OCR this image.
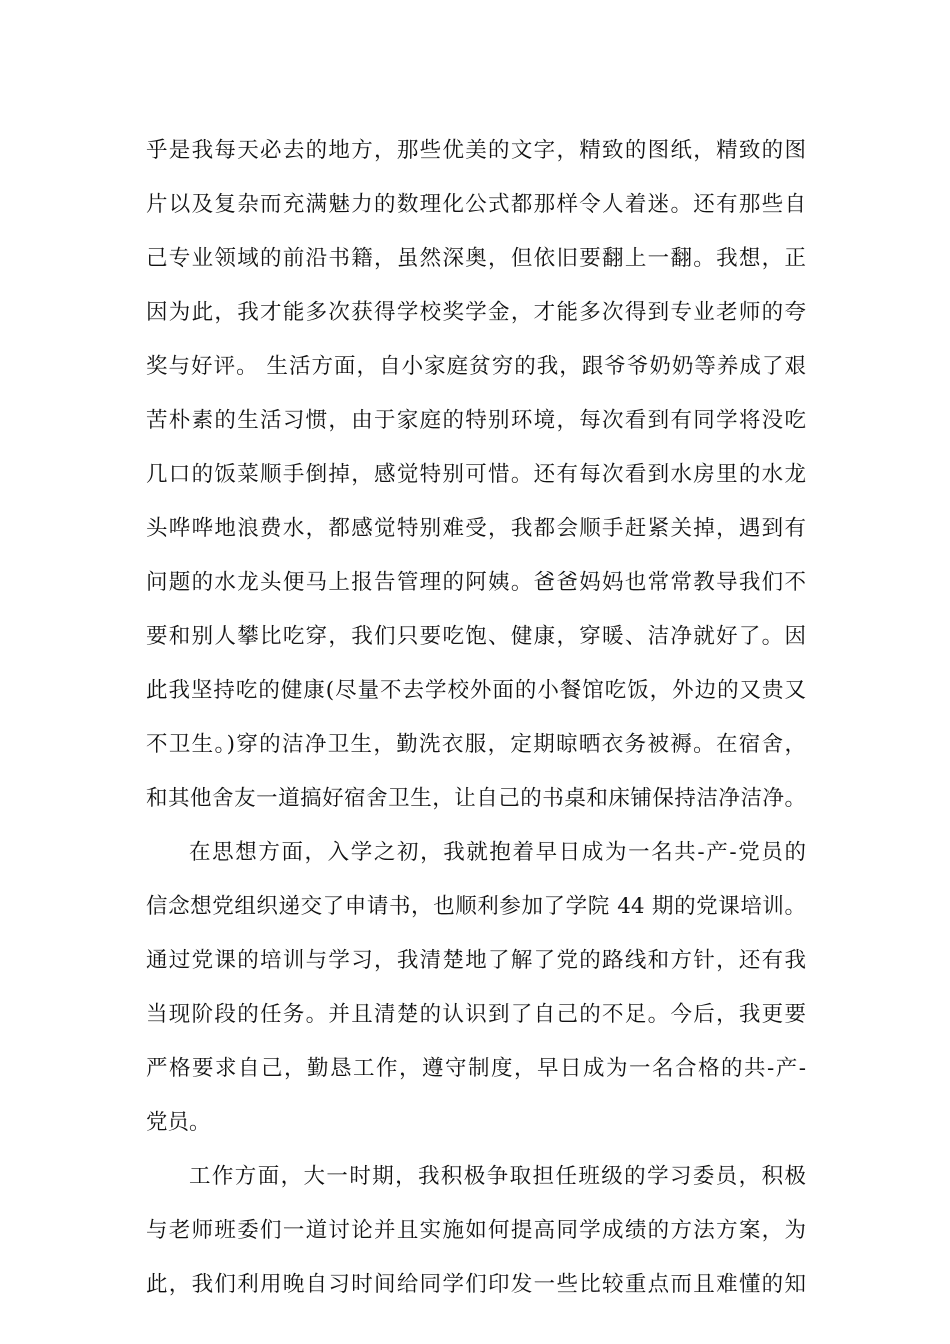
乎是我每天必去的地方，那些优美的文字，精致的图纸，精致的图
片以及复杂而充满魅力的数理化公式都那样令人着迷。还有那些自
己专业领域的前沿书籍，虽然深奥，但依旧要翻上一翻。我想，正
因为此，我才能多次获得学校奖学金，才能多次得到专业老师的夸
奖与好评。 生活方面，自小家庭贫穷的我，跟爷爷奶奶等养成了艰
苦朴素的生活习惯，由于家庭的特别环境，每次看到有同学将没吃
几口的饭菜顺手倒掉，感觉特别可惜。还有每次看到水房里的水龙
头哗哗地浪费水，都感觉特别难受，我都会顺手赶紧关掉，遇到有
问题的水龙头便马上报告管理的阿姨。爸爸妈妈也常常教导我们不
要和别人攀比吃穿，我们只要吃饱、健康，穿暖、洁净就好了。因
此我坚持吃的健康(尽量不去学校外面的小餐馆吃饭，外边的又贵又
不卫生。)穿的洁净卫生，勤洗衣服，定期晾晒衣务被褥。在宿舍，
和其他舍友一道搞好宿舍卫生，让自己的书桌和床铺保持洁净洁净。
在思想方面，入学之初，我就抱着早日成为一名共-产-党员的
信念想党组织递交了申请书，也顺利参加了学院 44 期的党课培训。
通过党课的培训与学习，我清楚地了解了党的路线和方针，还有我
当现阶段的任务。并且清楚的认识到了自己的不足。今后，我更要
严格要求自己，勤恳工作，遵守制度，早日成为一名合格的共-产-
党员。
工作方面，大一时期，我积极争取担任班级的学习委员，积极
与老师班委们一道讨论并且实施如何提高同学成绩的方法方案，为
此，我们利用晚自习时间给同学们印发一些比较重点而且难懂的知
